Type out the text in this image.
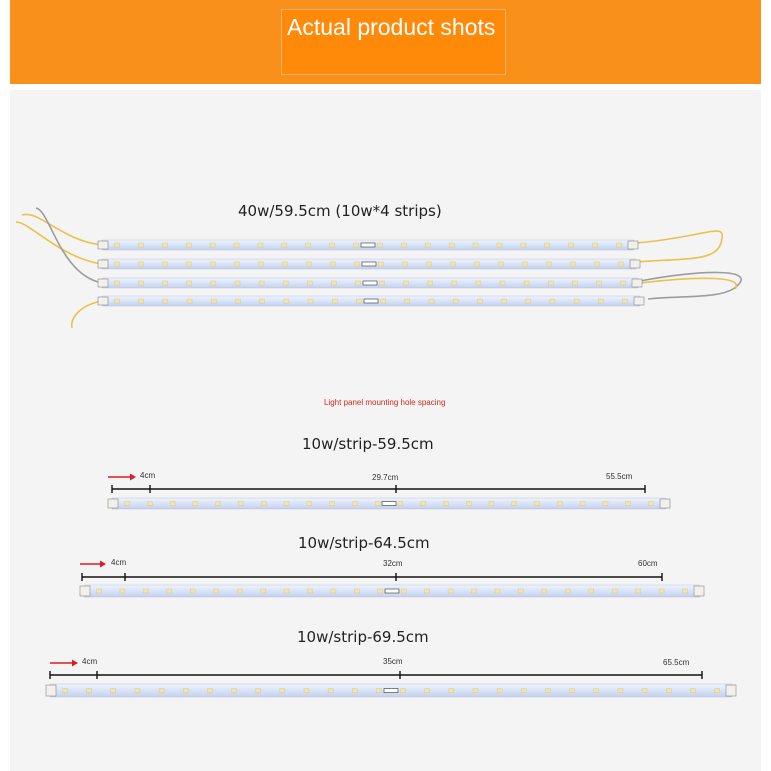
Actual product shots
40w/59.5cm (10w*4 strips)
Light panel mounting hole spacing
10w/strip-59.5cm
10w/strip-64.5cm
10w/strip-69.5cm
4cm	29.7cm	55.5cm
4cm	32cm	60cm
4cm	35cm	65.5cm
